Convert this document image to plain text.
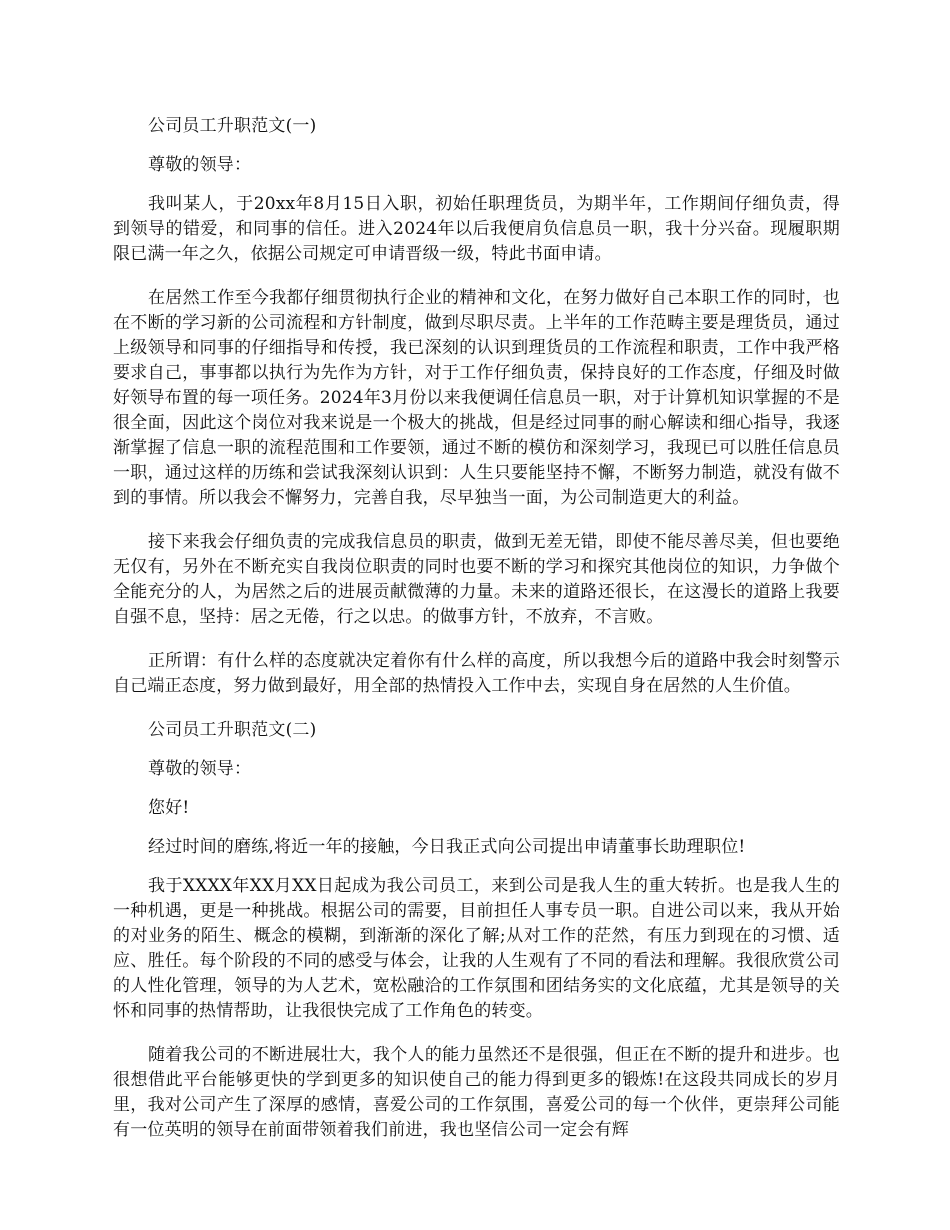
公司员工升职范文(一)

尊敬的领导：

我叫某人，于20xx年8月15日入职，初始任职理货员，为期半年，工作期间仔细负责，得到领导的错爱，和同事的信任。进入2024年以后我便肩负信息员一职，我十分兴奋。现履职期限已满一年之久，依据公司规定可申请晋级一级，特此书面申请。

在居然工作至今我都仔细贯彻执行企业的精神和文化，在努力做好自己本职工作的同时，也在不断的学习新的公司流程和方针制度，做到尽职尽责。上半年的工作范畴主要是理货员，通过上级领导和同事的仔细指导和传授，我已深刻的认识到理货员的工作流程和职责，工作中我严格要求自己，事事都以执行为先作为方针，对于工作仔细负责，保持良好的工作态度，仔细及时做好领导布置的每一项任务。2024年3月份以来我便调任信息员一职，对于计算机知识掌握的不是很全面，因此这个岗位对我来说是一个极大的挑战，但是经过同事的耐心解读和细心指导，我逐渐掌握了信息一职的流程范围和工作要领，通过不断的模仿和深刻学习，我现已可以胜任信息员一职，通过这样的历练和尝试我深刻认识到：人生只要能坚持不懈，不断努力制造，就没有做不到的事情。所以我会不懈努力，完善自我，尽早独当一面，为公司制造更大的利益。

接下来我会仔细负责的完成我信息员的职责，做到无差无错，即使不能尽善尽美，但也要绝无仅有，另外在不断充实自我岗位职责的同时也要不断的学习和探究其他岗位的知识，力争做个全能充分的人，为居然之后的进展贡献微薄的力量。未来的道路还很长，在这漫长的道路上我要自强不息，坚持：居之无倦，行之以忠。的做事方针，不放弃，不言败。

正所谓：有什么样的态度就决定着你有什么样的高度，所以我想今后的道路中我会时刻警示自己端正态度，努力做到最好，用全部的热情投入工作中去，实现自身在居然的人生价值。

公司员工升职范文(二)

尊敬的领导：

您好!

经过时间的磨练,将近一年的接触，今日我正式向公司提出申请董事长助理职位!

我于XXXX年XX月XX日起成为我公司员工，来到公司是我人生的重大转折。也是我人生的一种机遇，更是一种挑战。根据公司的需要，目前担任人事专员一职。自进公司以来，我从开始的对业务的陌生、概念的模糊，到渐渐的深化了解;从对工作的茫然，有压力到现在的习惯、适应、胜任。每个阶段的不同的感受与体会，让我的人生观有了不同的看法和理解。我很欣赏公司的人性化管理，领导的为人艺术，宽松融洽的工作氛围和团结务实的文化底蕴，尤其是领导的关怀和同事的热情帮助，让我很快完成了工作角色的转变。

随着我公司的不断进展壮大，我个人的能力虽然还不是很强，但正在不断的提升和进步。也很想借此平台能够更快的学到更多的知识使自己的能力得到更多的锻炼!在这段共同成长的岁月里，我对公司产生了深厚的感情，喜爱公司的工作氛围，喜爱公司的每一个伙伴，更崇拜公司能有一位英明的领导在前面带领着我们前进，我也坚信公司一定会有辉
